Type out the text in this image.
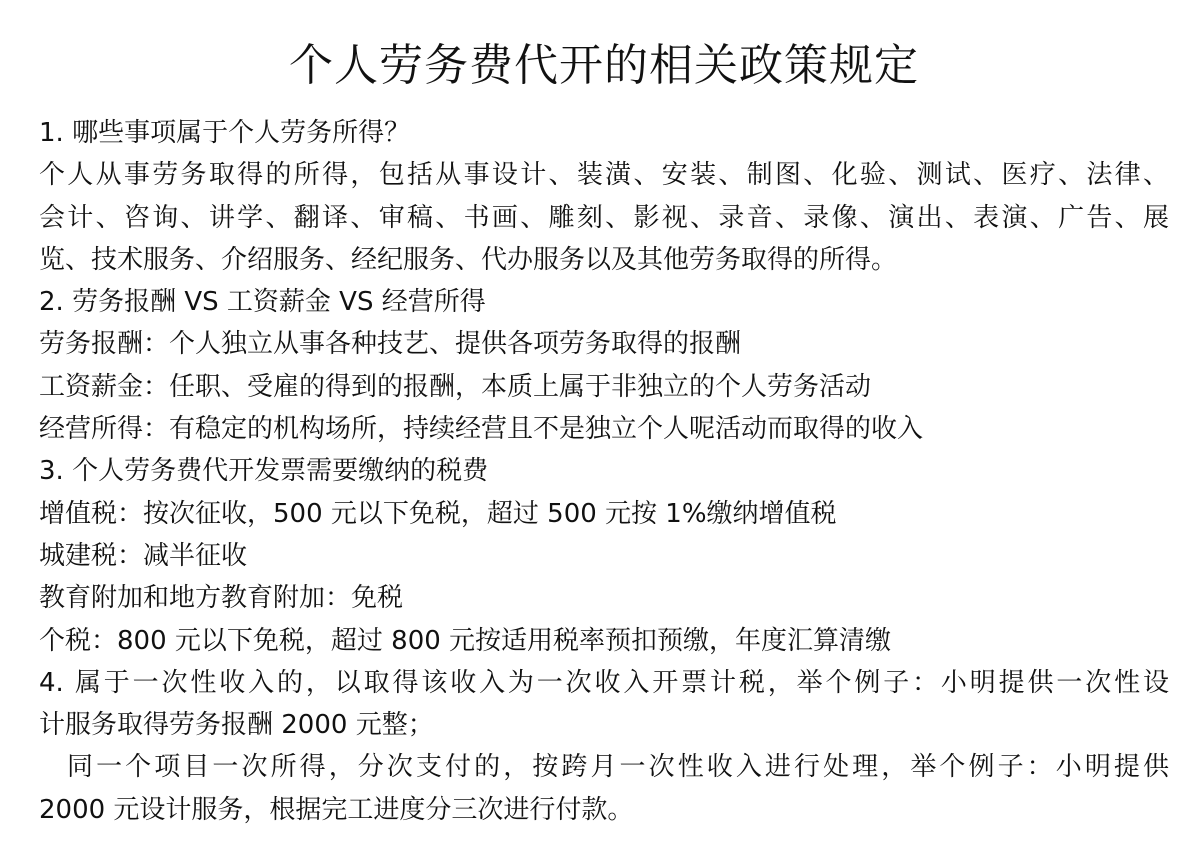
个人劳务费代开的相关政策规定
1. 哪些事项属于个人劳务所得？
个人从事劳务取得的所得，包括从事设计、装潢、安装、制图、化验、测试、医疗、法律、
会计、咨询、讲学、翻译、审稿、书画、雕刻、影视、录音、录像、演出、表演、广告、展
览、技术服务、介绍服务、经纪服务、代办服务以及其他劳务取得的所得。
2. 劳务报酬 VS 工资薪金 VS 经营所得
劳务报酬：个人独立从事各种技艺、提供各项劳务取得的报酬
工资薪金：任职、受雇的得到的报酬，本质上属于非独立的个人劳务活动
经营所得：有稳定的机构场所，持续经营且不是独立个人呢活动而取得的收入
3. 个人劳务费代开发票需要缴纳的税费
增值税：按次征收，500 元以下免税，超过 500 元按 1%缴纳增值税
城建税：减半征收
教育附加和地方教育附加：免税
个税：800 元以下免税，超过 800 元按适用税率预扣预缴，年度汇算清缴
4. 属于一次性收入的，以取得该收入为一次收入开票计税，举个例子：小明提供一次性设
计服务取得劳务报酬 2000 元整；
同一个项目一次所得，分次支付的，按跨月一次性收入进行处理，举个例子：小明提供
2000 元设计服务，根据完工进度分三次进行付款。
